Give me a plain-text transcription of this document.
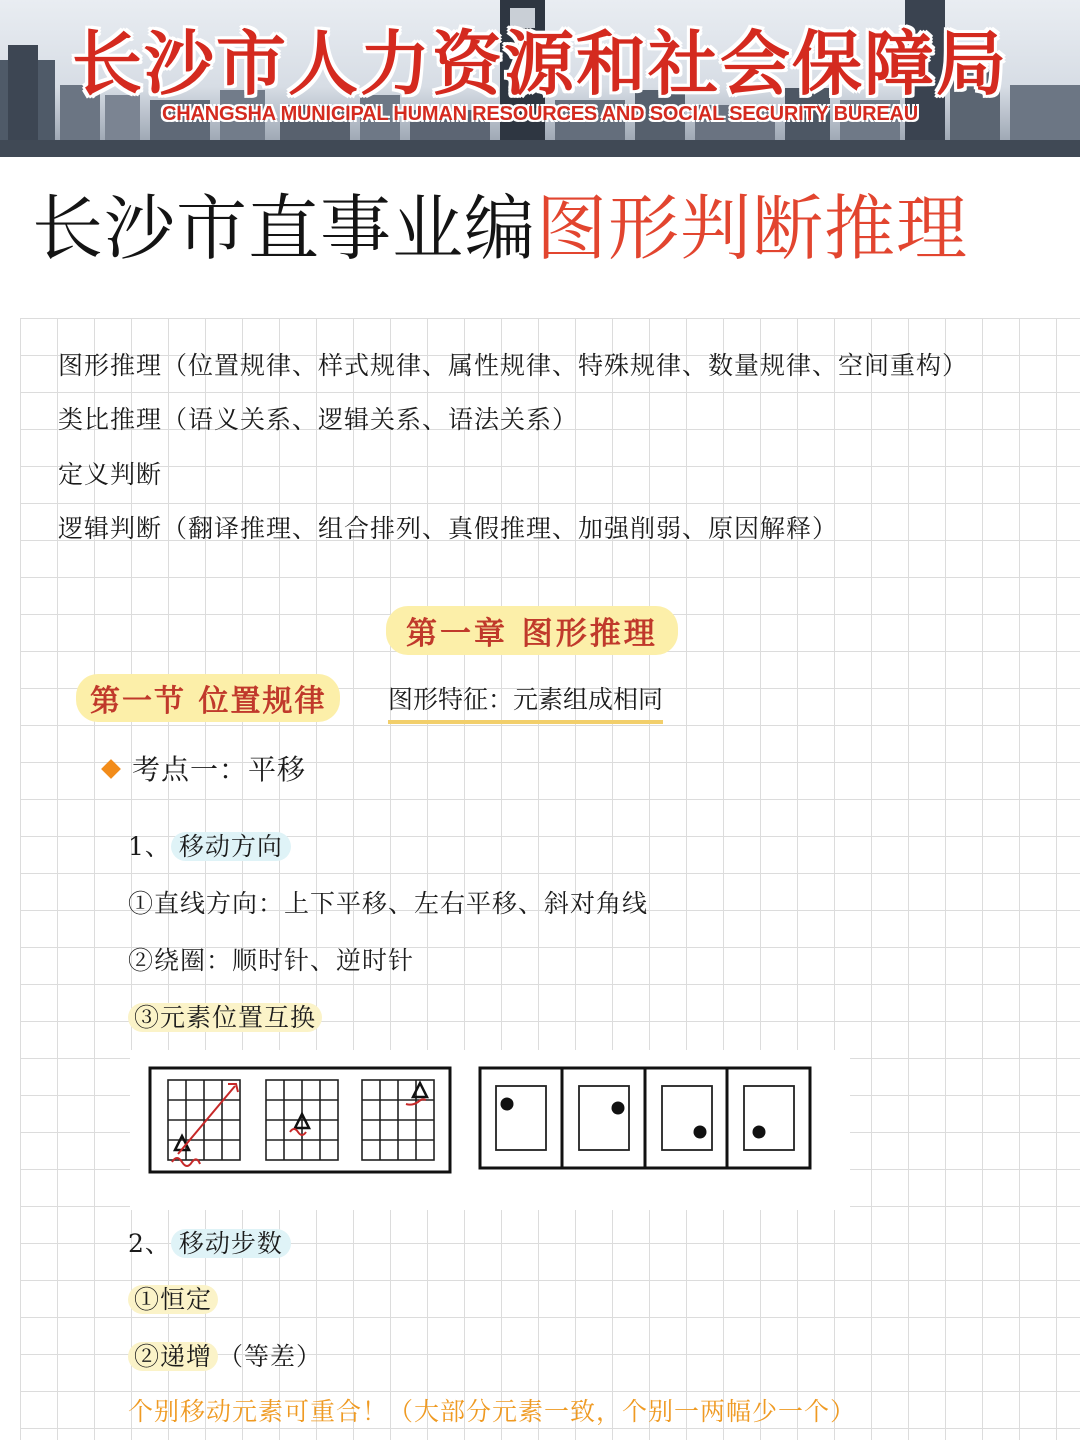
长沙市人力资源和社会保障局
CHANGSHA MUNICIPAL HUMAN RESOURCES AND SOCIAL SECURITY BUREAU
长沙市直事业编图形判断推理
图形推理（位置规律、样式规律、属性规律、特殊规律、数量规律、空间重构）
类比推理（语义关系、逻辑关系、语法关系）
定义判断
逻辑判断（翻译推理、组合排列、真假推理、加强削弱、原因解释）
第一章 图形推理
第一节 位置规律	图形特征：元素组成相同
考点一：平移
1、 移动方向
①直线方向：上下平移、左右平移、斜对角线
②绕圈：顺时针、逆时针
③元素位置互换
2、 移动步数
①恒定
②递增 （等差）
个别移动元素可重合！（大部分元素一致，个别一两幅少一个）
